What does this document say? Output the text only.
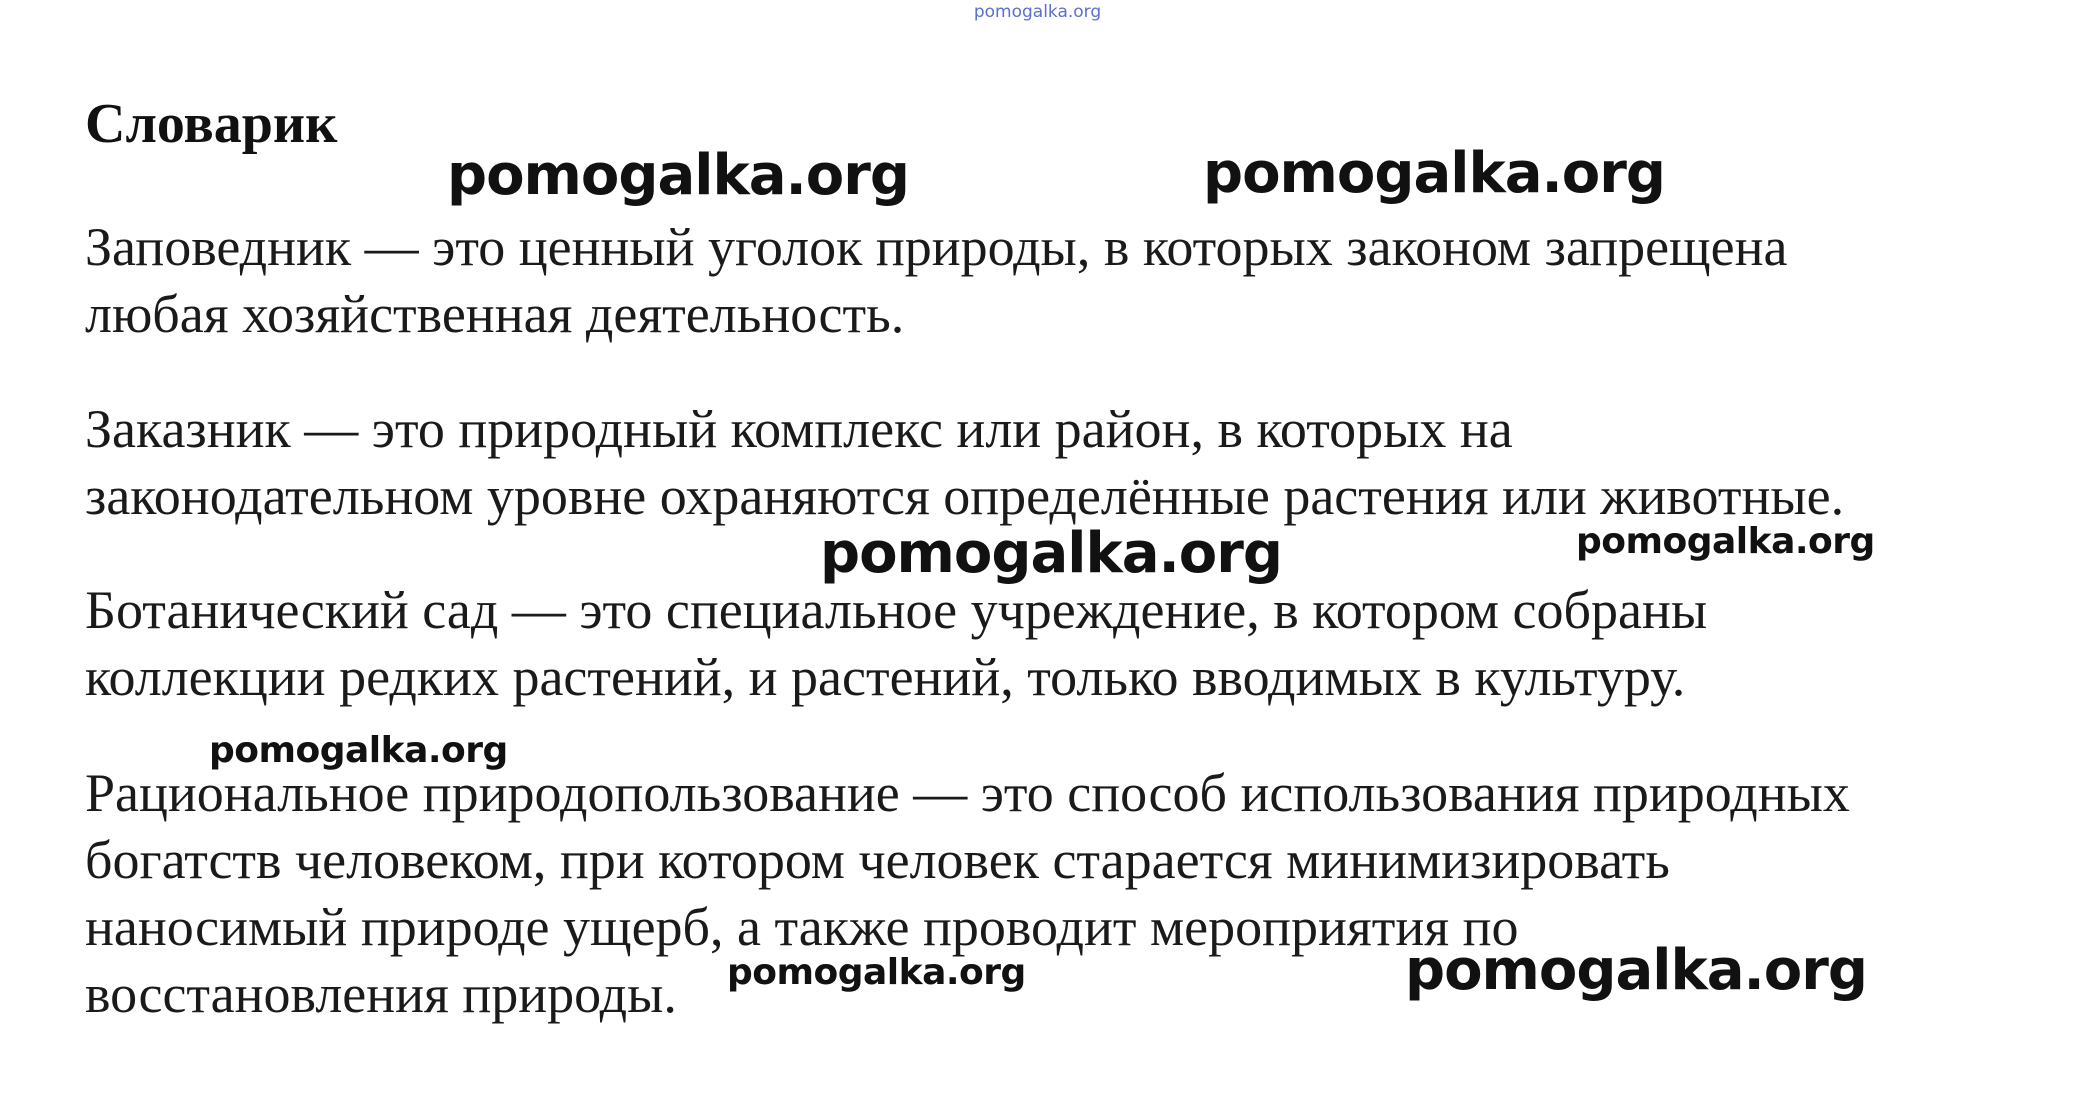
pomogalka.org
Словарик

Заповедник — это ценный уголок природы, в которых законом запрещена
любая хозяйственная деятельность.

Заказник — это природный комплекс или район, в которых на
законодательном уровне охраняются определённые растения или животные.

Ботанический сад — это специальное учреждение, в котором собраны
коллекции редких растений, и растений, только вводимых в культуру.

Рациональное природопользование — это способ использования природных
богатств человеком, при котором человек старается минимизировать
наносимый природе ущерб, а также проводит мероприятия по
восстановления природы.

pomogalka.org	pomogalka.org
pomogalka.org	pomogalka.org
pomogalka.org
pomogalka.org	pomogalka.org
